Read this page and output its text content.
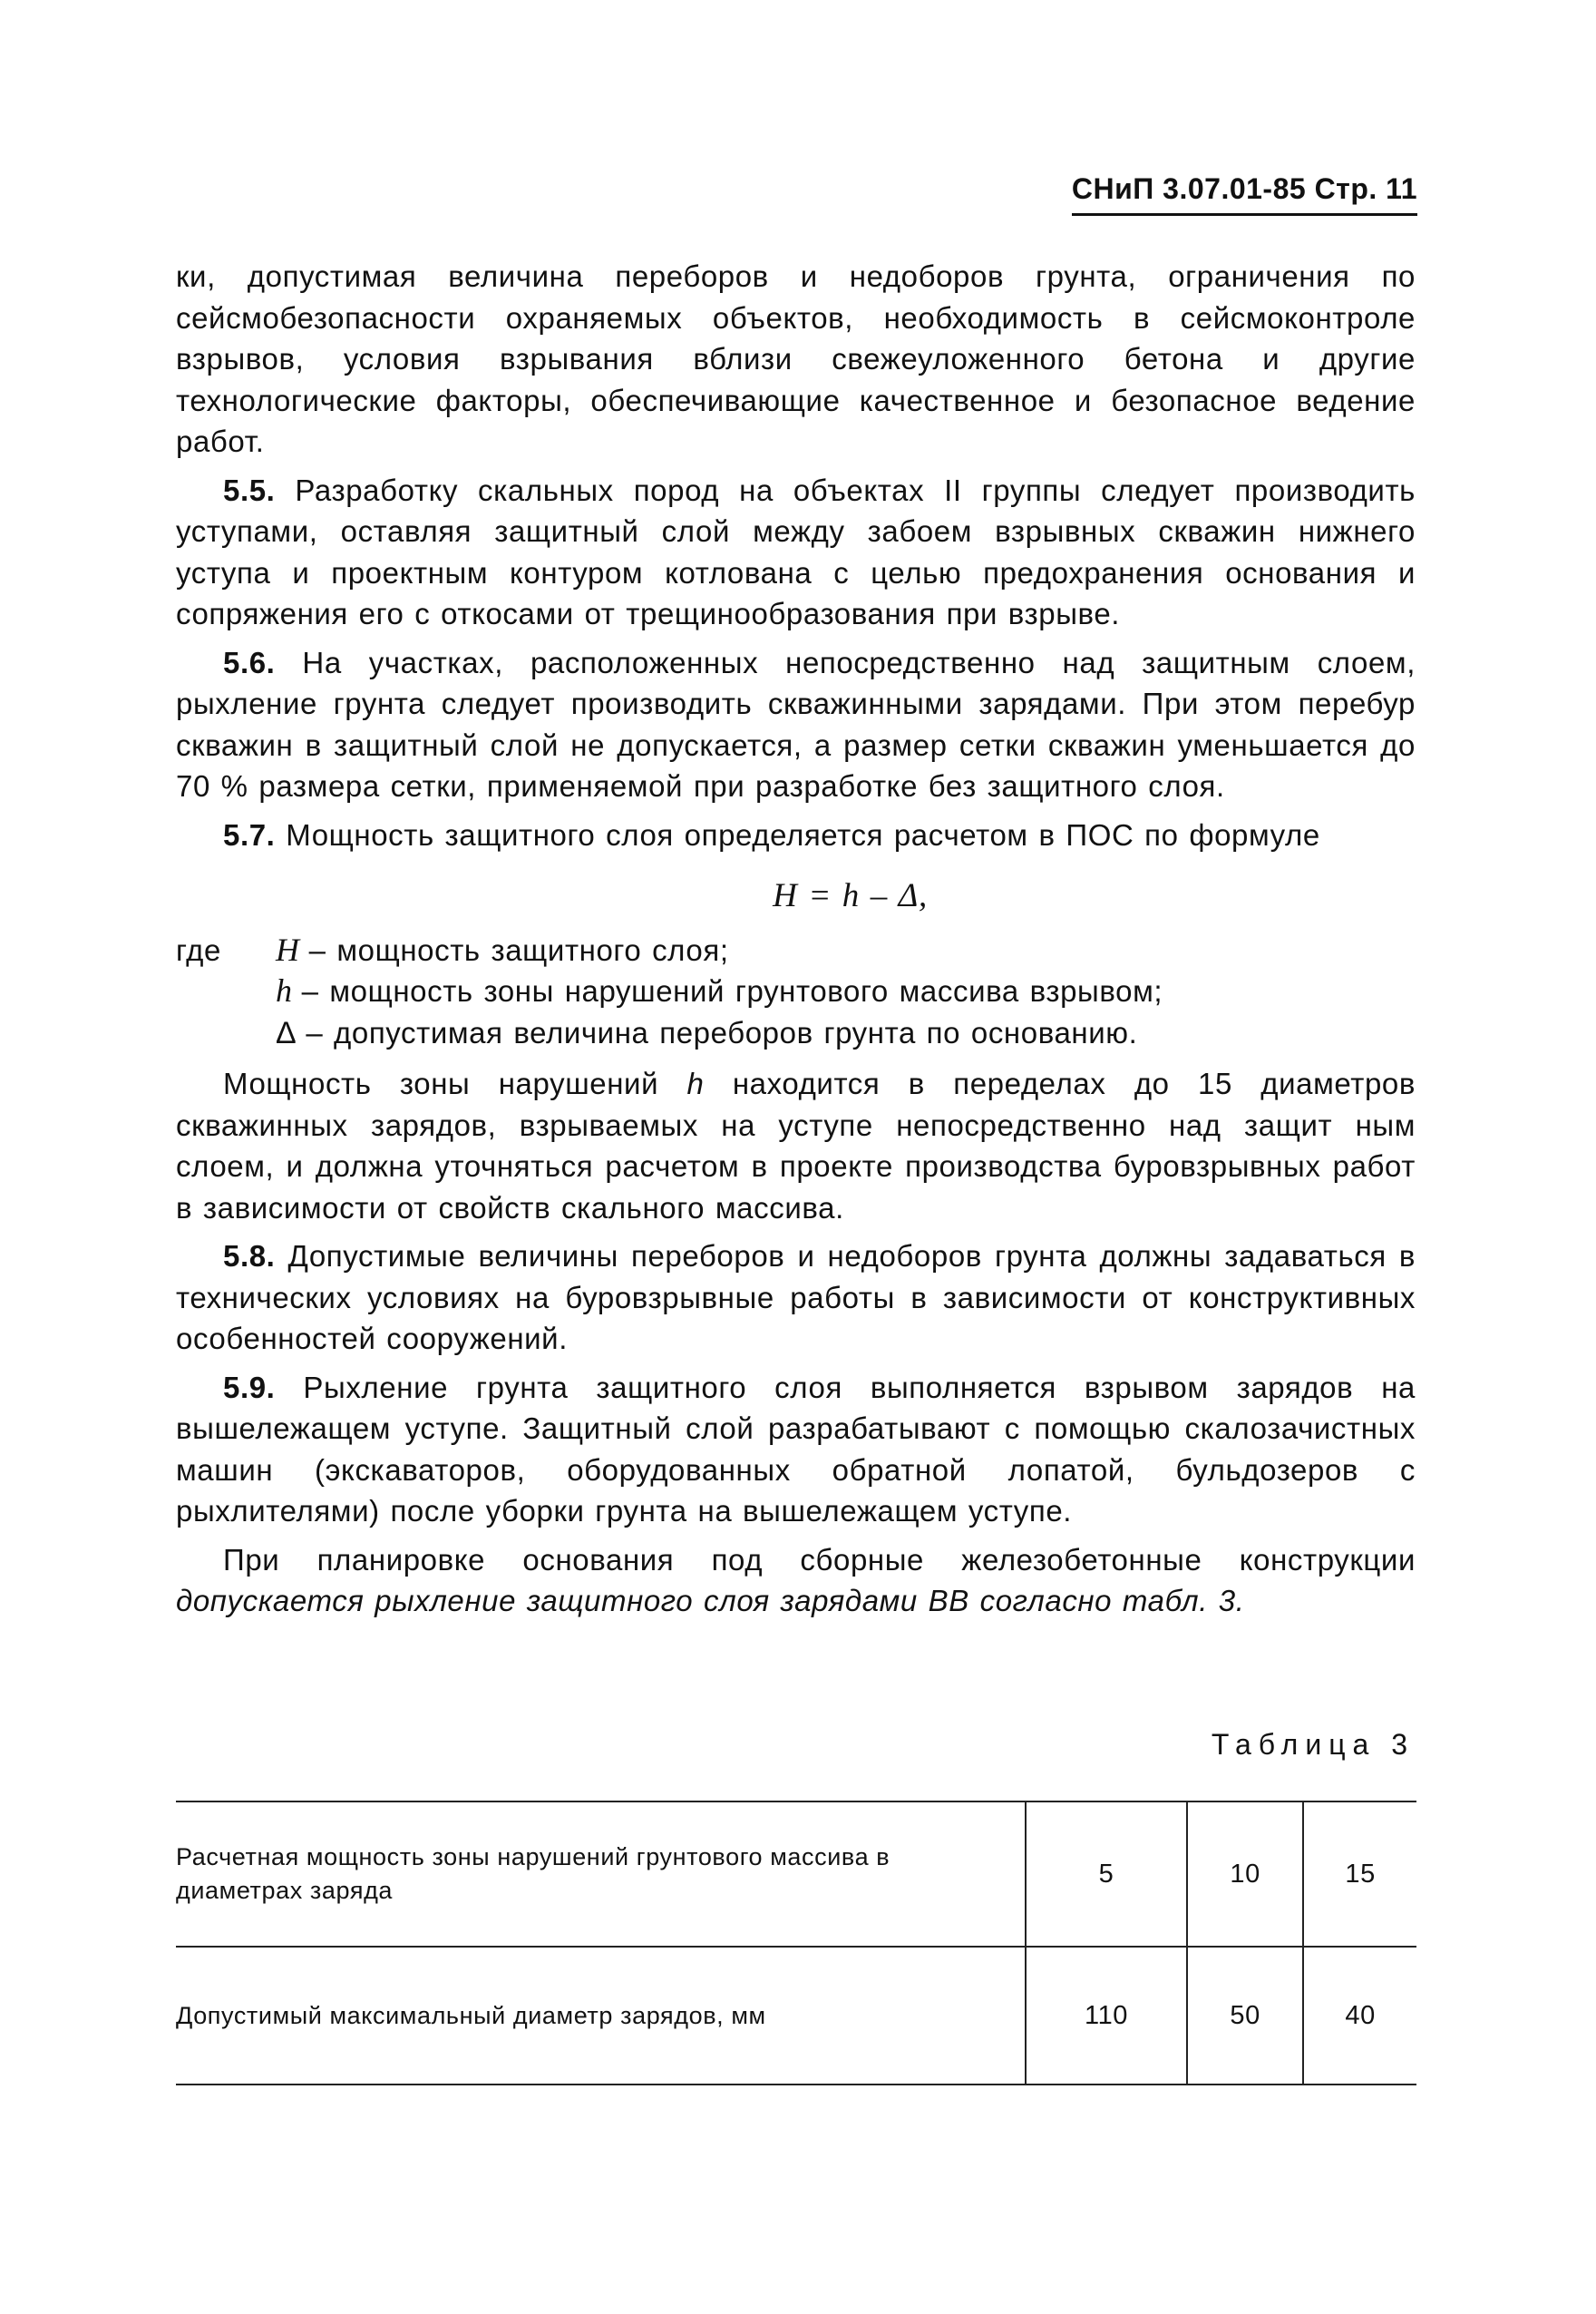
СНиП 3.07.01-85 Стр. 11

ки, допустимая величина переборов и недоборов грунта, ограничения по сейсмобезопасности охраняемых объектов, необходимость в сейсмоконтроле взрывов, условия взрывания вблизи свежеуложенного бетона и другие технологические факторы, обеспечивающие качественное и безопасное ведение работ.

5.5. Разработку скальных пород на объектах II группы следует производить уступами, оставляя защитный слой между забоем взрывных скважин нижнего уступа и проектным контуром котлована с целью предохранения основания и сопряжения его с откосами от трещинообразования при взрыве.

5.6. На участках, расположенных непосредственно над защитным слоем, рыхление грунта следует производить скважинными зарядами. При этом перебур скважин в защитный слой не допускается, а размер сетки скважин уменьшается до 70 % размера сетки, применяемой при разработке без защитного слоя.

5.7. Мощность защитного слоя определяется расчетом в ПОС по формуле

H = h – Δ,

где	H – мощность защитного слоя;
h – мощность зоны нарушений грунтового массива взрывом;
Δ – допустимая величина переборов грунта по основанию.

Мощность зоны нарушений h находится в переделах до 15 диаметров скважинных зарядов, взрываемых на уступе непосредственно над защит ным слоем, и должна уточняться расчетом в проекте производства буровзрывных работ в зависимости от свойств скального массива.

5.8. Допустимые величины переборов и недоборов грунта должны задаваться в технических условиях на буровзрывные работы в зависимости от конструктивных особенностей сооружений.

5.9. Рыхление грунта защитного слоя выполняется взрывом зарядов на вышележащем уступе. Защитный слой разрабатывают с помощью скалозачистных машин (экскаваторов, оборудованных обратной лопатой, бульдозеров с рыхлителями) после уборки грунта на вышележащем уступе.

При планировке основания под сборные железобетонные конструкции допускается рыхление защитного слоя зарядами ВВ согласно табл. 3.

Таблица 3
Расчетная мощность зоны нарушений грунтового массива в диаметрах заряда	5	10	15
Допустимый максимальный диаметр зарядов, мм	110	50	40
